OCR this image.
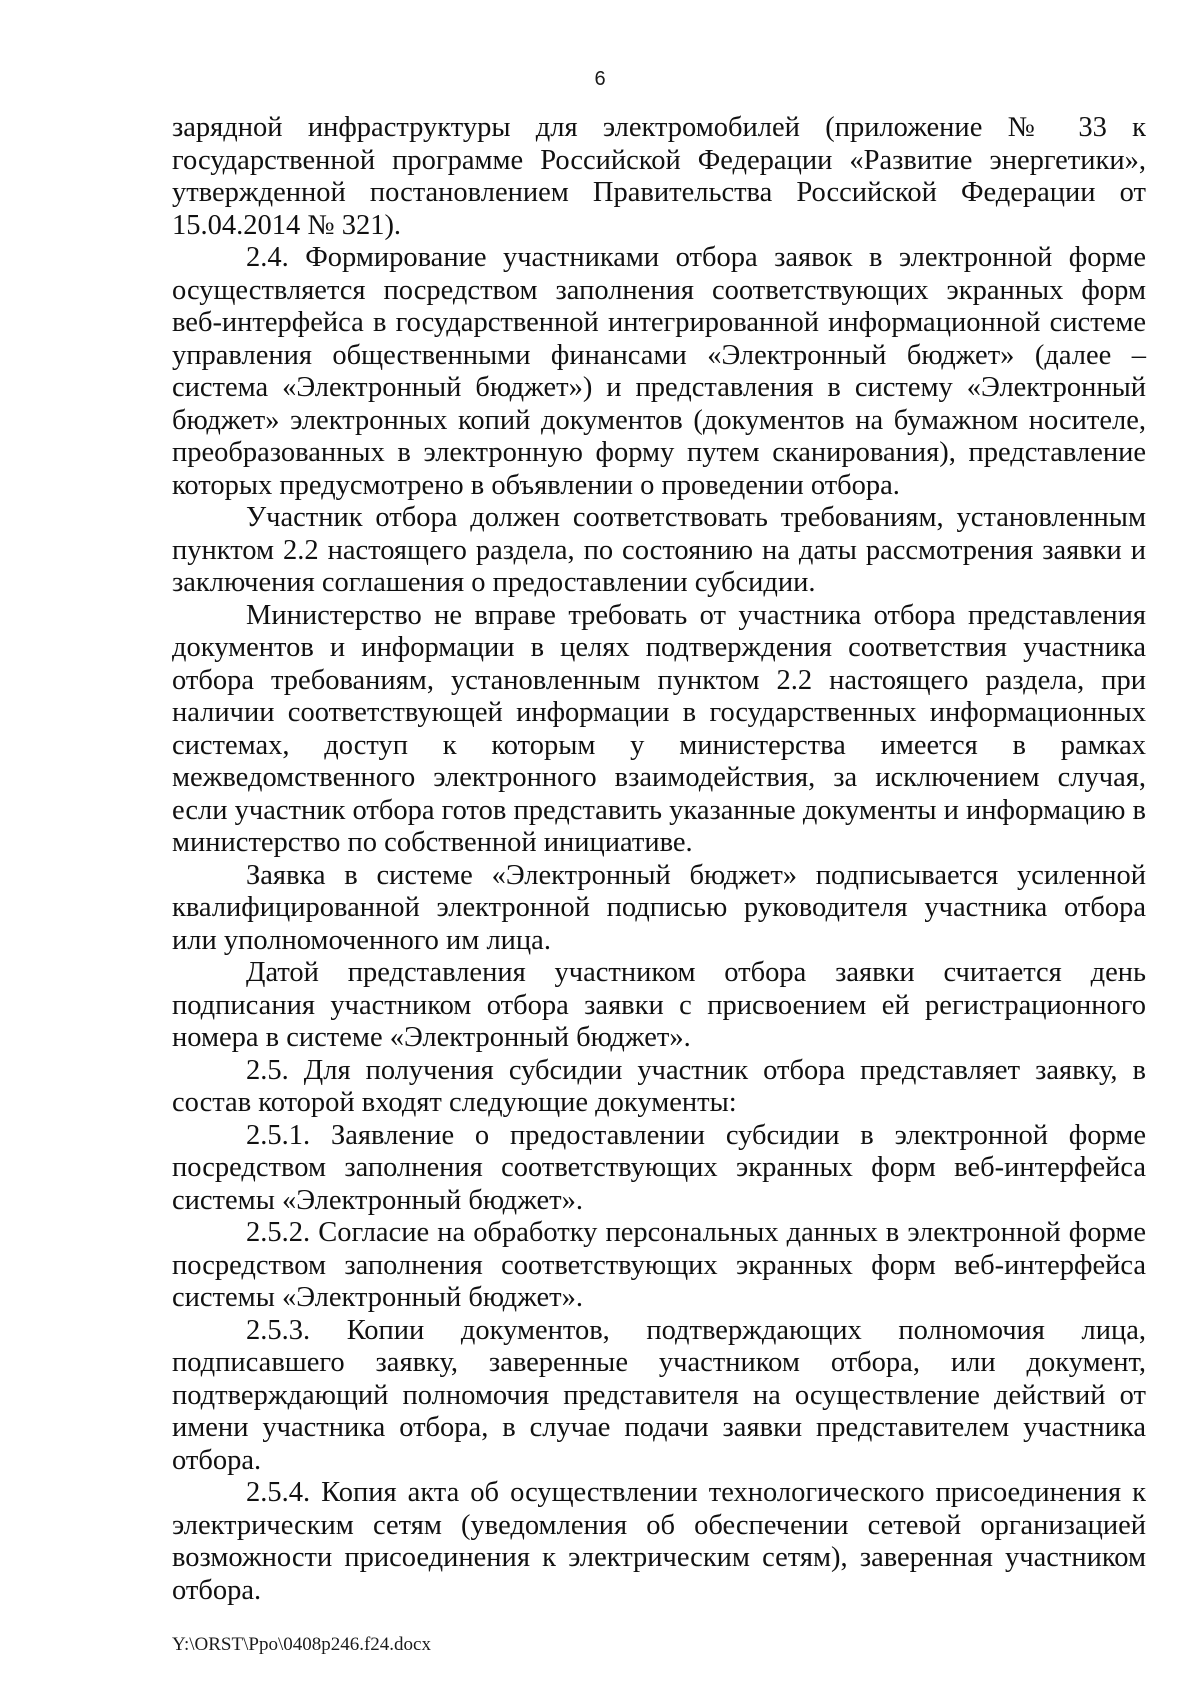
6

зарядной инфраструктуры для электромобилей (приложение № 33 к государственной программе Российской Федерации «Развитие энергетики», утвержденной постановлением Правительства Российской Федерации от 15.04.2014 № 321).

2.4. Формирование участниками отбора заявок в электронной форме осуществляется посредством заполнения соответствующих экранных форм веб-интерфейса в государственной интегрированной информационной системе управления общественными финансами «Электронный бюджет» (далее – система «Электронный бюджет») и представления в систему «Электронный бюджет» электронных копий документов (документов на бумажном носителе, преобразованных в электронную форму путем сканирования), представление которых предусмотрено в объявлении о проведении отбора.

Участник отбора должен соответствовать требованиям, установленным пунктом 2.2 настоящего раздела, по состоянию на даты рассмотрения заявки и заключения соглашения о предоставлении субсидии.

Министерство не вправе требовать от участника отбора представления документов и информации в целях подтверждения соответствия участника отбора требованиям, установленным пунктом 2.2 настоящего раздела, при наличии соответствующей информации в государственных информационных системах, доступ к которым у министерства имеется в рамках межведомственного электронного взаимодействия, за исключением случая, если участник отбора готов представить указанные документы и информацию в министерство по собственной инициативе.

Заявка в системе «Электронный бюджет» подписывается усиленной квалифицированной электронной подписью руководителя участника отбора или уполномоченного им лица.

Датой представления участником отбора заявки считается день подписания участником отбора заявки с присвоением ей регистрационного номера в системе «Электронный бюджет».

2.5. Для получения субсидии участник отбора представляет заявку, в состав которой входят следующие документы:

2.5.1. Заявление о предоставлении субсидии в электронной форме посредством заполнения соответствующих экранных форм веб-интерфейса системы «Электронный бюджет».

2.5.2. Согласие на обработку персональных данных в электронной форме посредством заполнения соответствующих экранных форм веб-интерфейса системы «Электронный бюджет».

2.5.3. Копии документов, подтверждающих полномочия лица, подписавшего заявку, заверенные участником отбора, или документ, подтверждающий полномочия представителя на осуществление действий от имени участника отбора, в случае подачи заявки представителем участника отбора.

2.5.4. Копия акта об осуществлении технологического присоединения к электрическим сетям (уведомления об обеспечении сетевой организацией возможности присоединения к электрическим сетям), заверенная участником отбора.

Y:\ORST\Ppo\0408p246.f24.docx
